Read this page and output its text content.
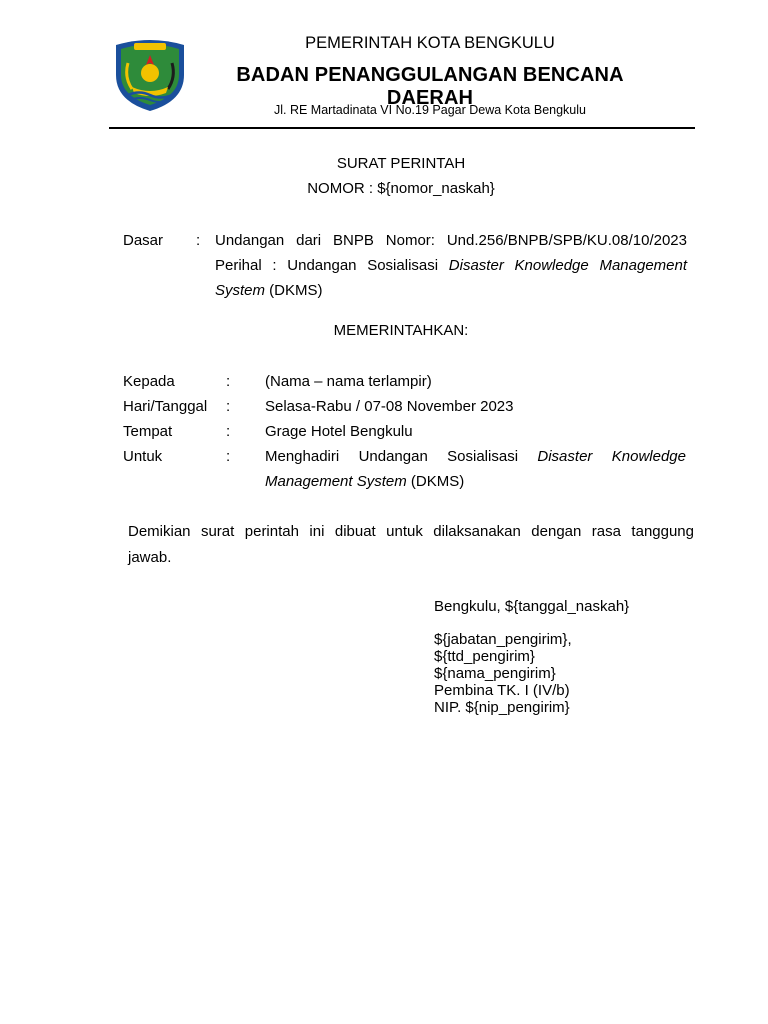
PEMERINTAH KOTA BENGKULU
BADAN PENANGGULANGAN BENCANA DAERAH
Jl. RE Martadinata VI No.19 Pagar Dewa Kota Bengkulu
SURAT PERINTAH
NOMOR : ${nomor_naskah}
Dasar : Undangan dari BNPB Nomor: Und.256/BNPB/SPB/KU.08/10/2023
Perihal : Undangan Sosialisasi Disaster Knowledge Management
System (DKMS)
MEMERINTAHKAN:
Kepada	: (Nama – nama terlampir)
Hari/Tanggal : Selasa-Rabu / 07-08 November 2023
Tempat	: Grage Hotel Bengkulu
Untuk	: Menghadiri Undangan Sosialisasi Disaster Knowledge
Management System (DKMS)
Demikian surat perintah ini dibuat untuk dilaksanakan dengan rasa tanggung
jawab.
Bengkulu, ${tanggal_naskah}
${jabatan_pengirim},
${ttd_pengirim}
${nama_pengirim}
Pembina TK. I (IV/b)
NIP. ${nip_pengirim}
